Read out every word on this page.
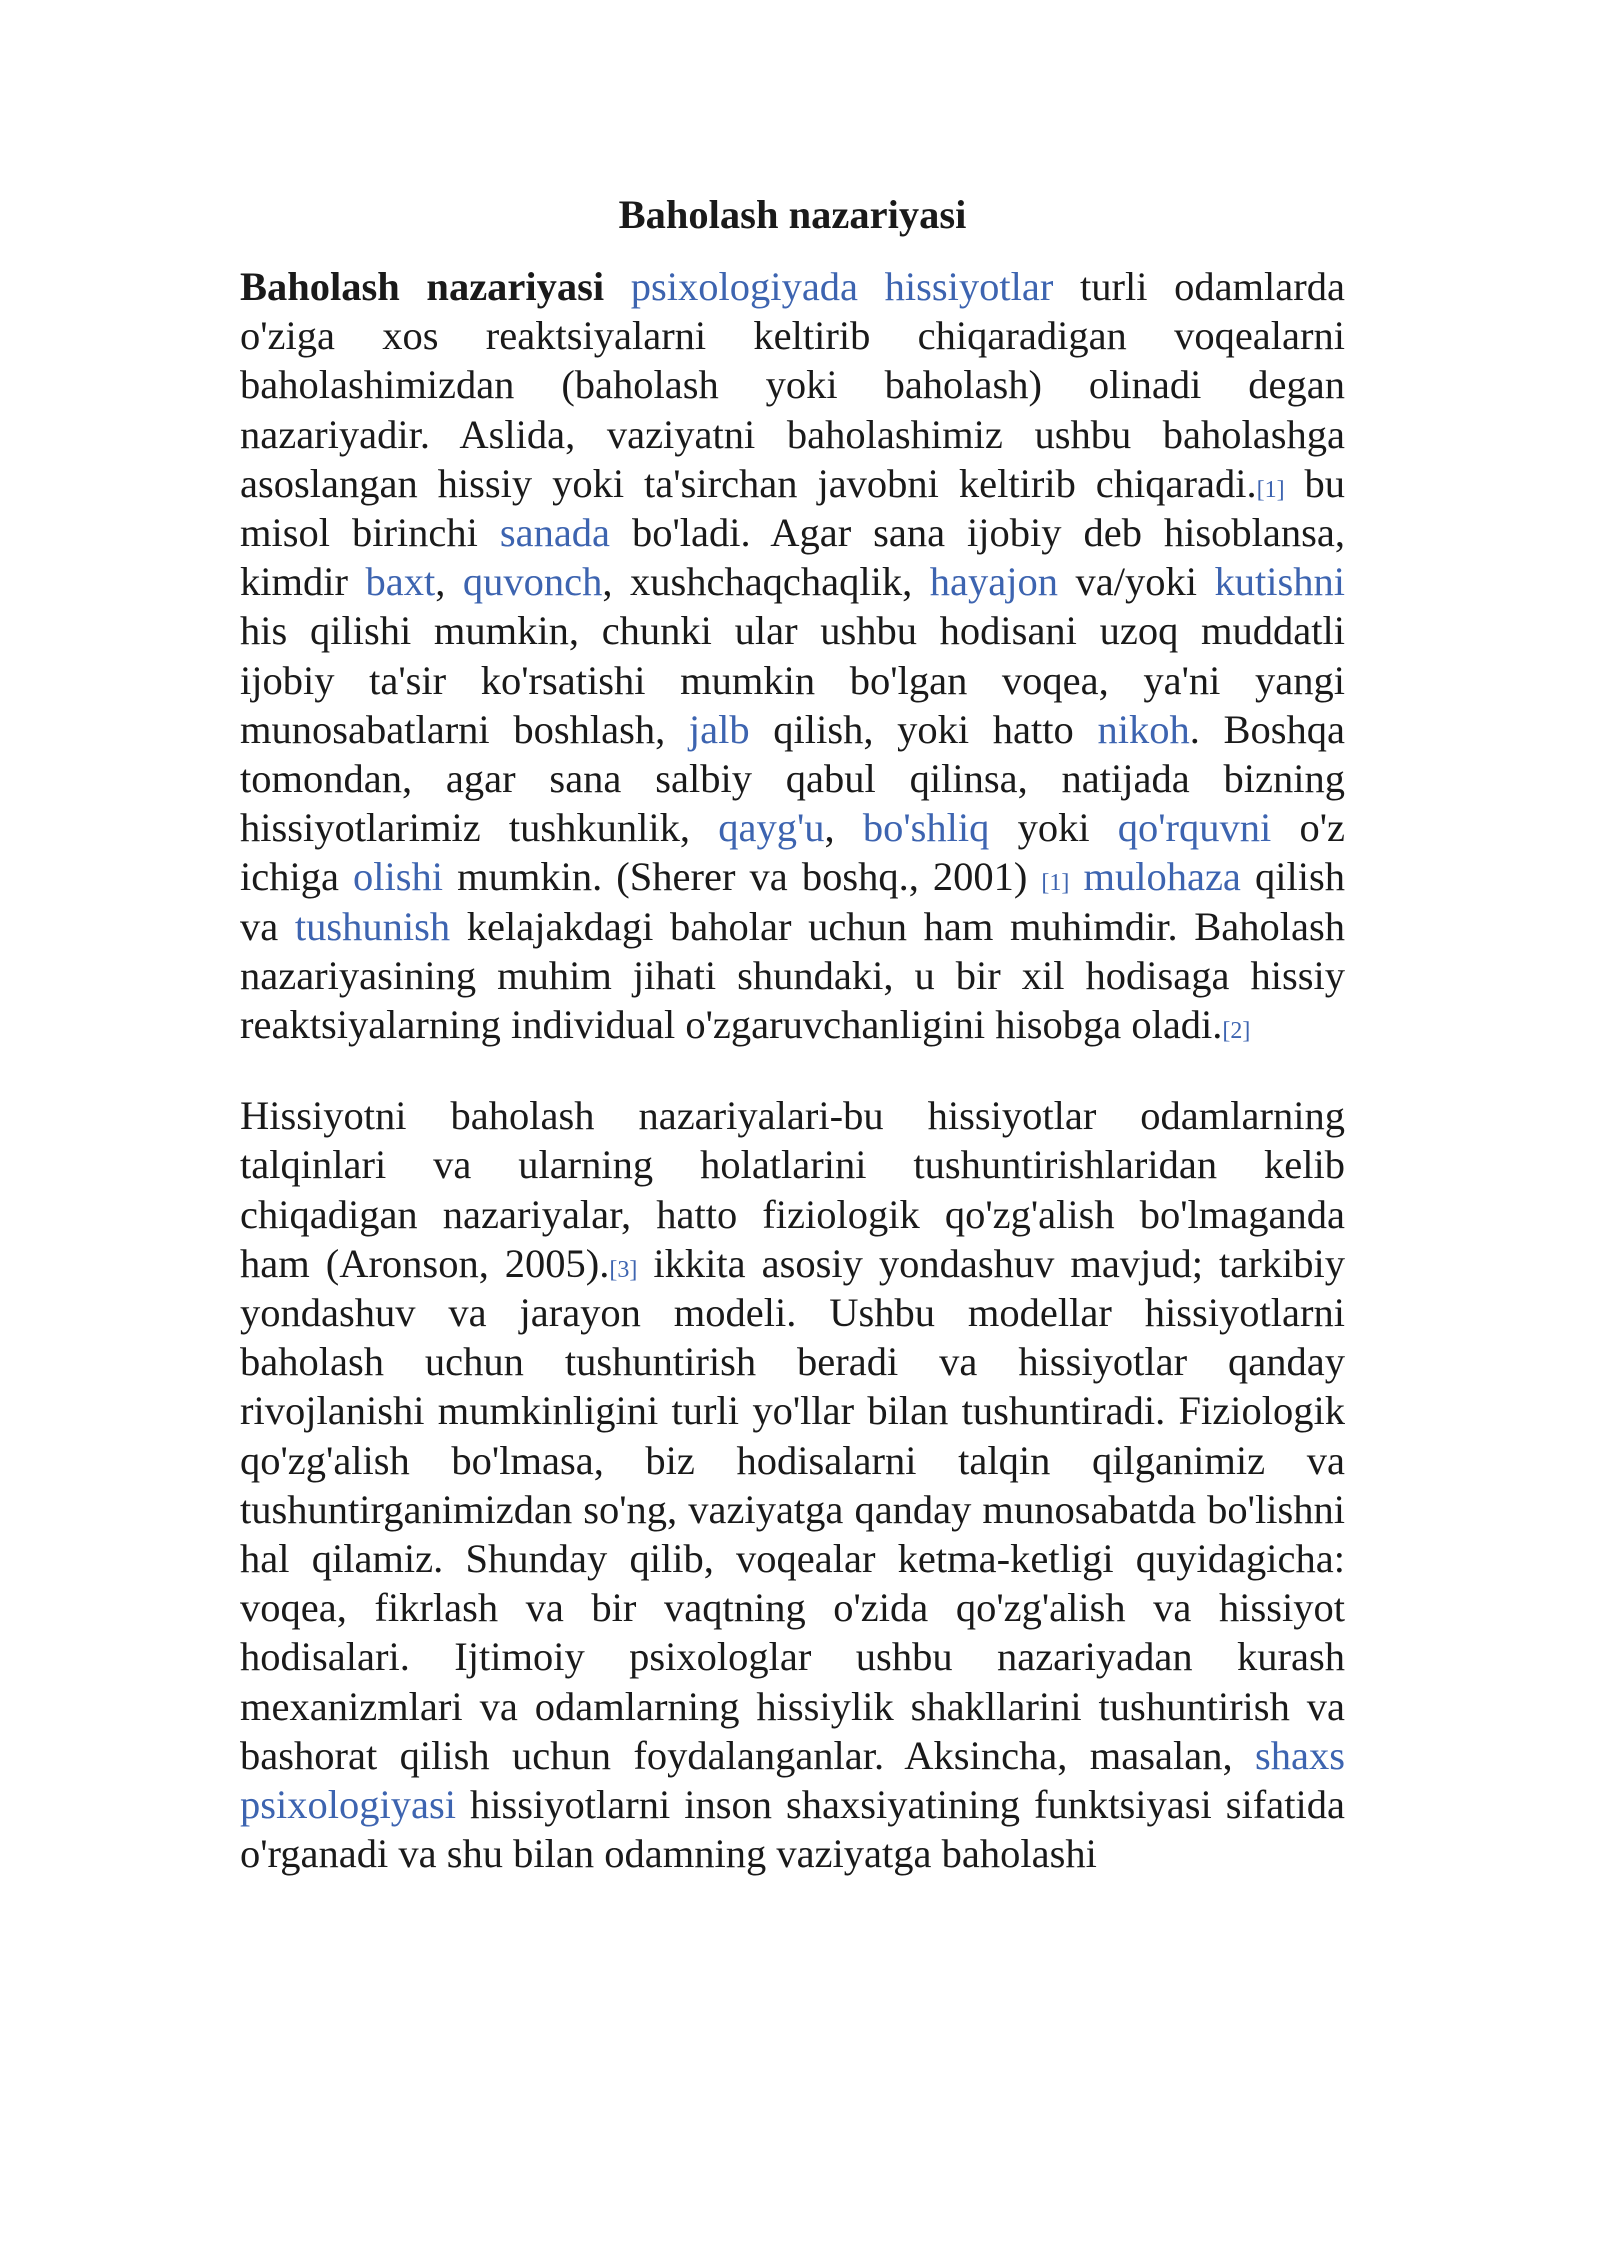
Baholash nazariyasi

Baholash nazariyasi psixologiyada hissiyotlar turli odamlarda o'ziga xos reaktsiyalarni keltirib chiqaradigan voqealarni baholashimizdan (baholash yoki baholash) olinadi degan nazariyadir. Aslida, vaziyatni baholashimiz ushbu baholashga asoslangan hissiy yoki ta'sirchan javobni keltirib chiqaradi.[1] bu misol birinchi sanada bo'ladi. Agar sana ijobiy deb hisoblansa, kimdir baxt, quvonch, xushchaqchaqlik, hayajon va/yoki kutishni his qilishi mumkin, chunki ular ushbu hodisani uzoq muddatli ijobiy ta'sir ko'rsatishi mumkin bo'lgan voqea, ya'ni yangi munosabatlarni boshlash, jalb qilish, yoki hatto nikoh. Boshqa tomondan, agar sana salbiy qabul qilinsa, natijada bizning hissiyotlarimiz tushkunlik, qayg'u, bo'shliq yoki qo'rquvni o'z ichiga olishi mumkin. (Sherer va boshq., 2001) [1] mulohaza qilish va tushunish kelajakdagi baholar uchun ham muhimdir. Baholash nazariyasining muhim jihati shundaki, u bir xil hodisaga hissiy reaktsiyalarning individual o'zgaruvchanligini hisobga oladi.[2]

Hissiyotni baholash nazariyalari-bu hissiyotlar odamlarning talqinlari va ularning holatlarini tushuntirishlaridan kelib chiqadigan nazariyalar, hatto fiziologik qo'zg'alish bo'lmaganda ham (Aronson, 2005).[3] ikkita asosiy yondashuv mavjud; tarkibiy yondashuv va jarayon modeli. Ushbu modellar hissiyotlarni baholash uchun tushuntirish beradi va hissiyotlar qanday rivojlanishi mumkinligini turli yo'llar bilan tushuntiradi. Fiziologik qo'zg'alish bo'lmasa, biz hodisalarni talqin qilganimiz va tushuntirganimizdan so'ng, vaziyatga qanday munosabatda bo'lishni hal qilamiz. Shunday qilib, voqealar ketma-ketligi quyidagicha: voqea, fikrlash va bir vaqtning o'zida qo'zg'alish va hissiyot hodisalari. Ijtimoiy psixologlar ushbu nazariyadan kurash mexanizmlari va odamlarning hissiylik shakllarini tushuntirish va bashorat qilish uchun foydalanganlar. Aksincha, masalan, shaxs psixologiyasi hissiyotlarni inson shaxsiyatining funktsiyasi sifatida o'rganadi va shu bilan odamning vaziyatga baholashi
